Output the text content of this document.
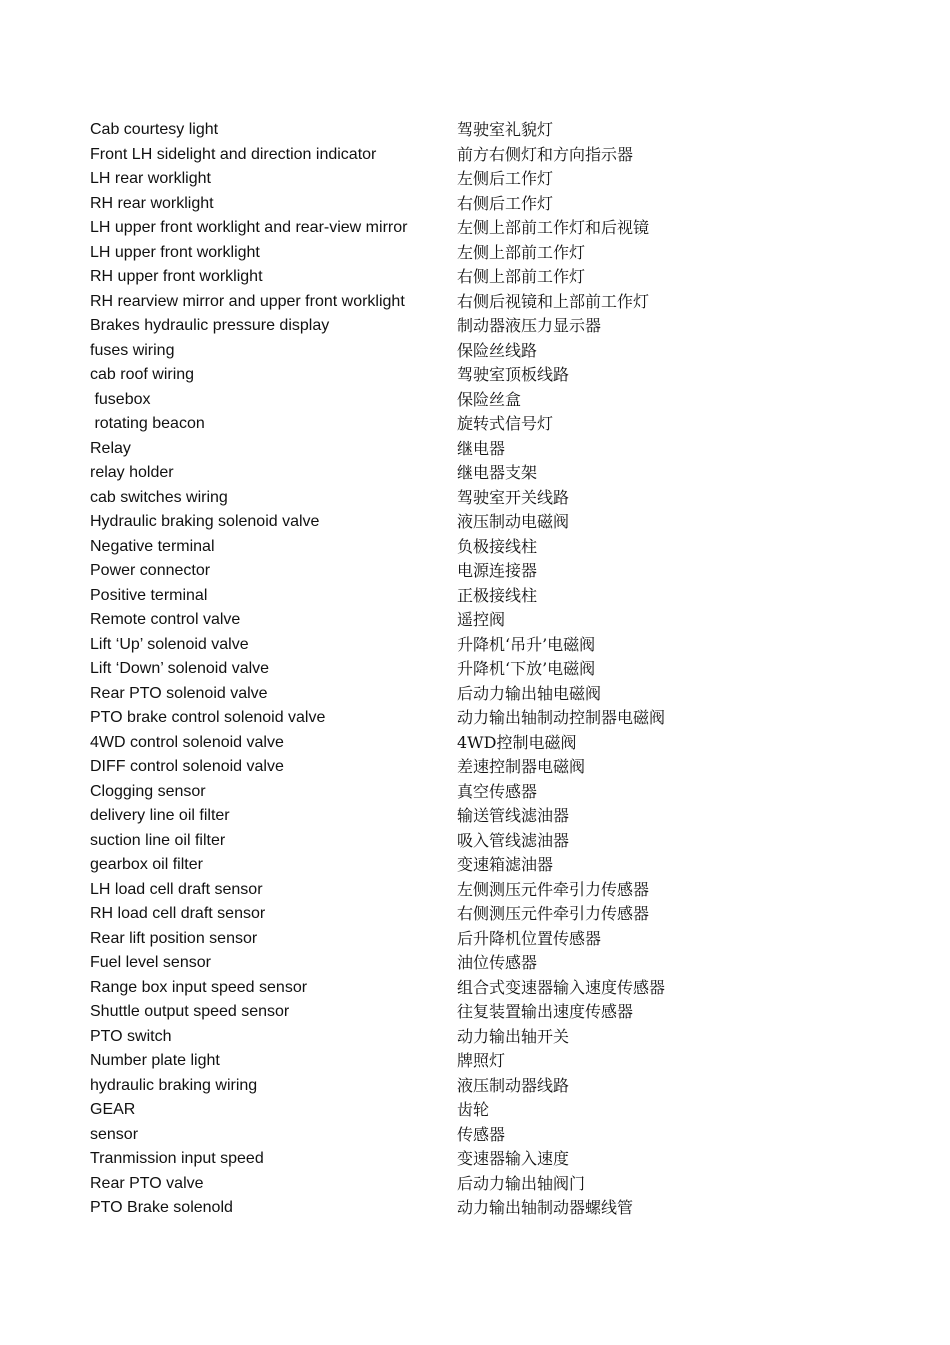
Cab courtesy light	驾驶室礼貌灯
Front LH sidelight and direction indicator	前方右侧灯和方向指示器
LH rear worklight	左侧后工作灯
RH rear worklight	右侧后工作灯
LH upper front worklight and rear-view mirror	左侧上部前工作灯和后视镜
LH upper front worklight	左侧上部前工作灯
RH upper front worklight	右侧上部前工作灯
RH rearview mirror and upper front worklight	右侧后视镜和上部前工作灯
Brakes hydraulic pressure display	制动器液压力显示器
fuses wiring	保险丝线路
cab roof wiring	驾驶室顶板线路
fusebox	保险丝盒
rotating beacon	旋转式信号灯
Relay	继电器
relay holder	继电器支架
cab switches wiring	驾驶室开关线路
Hydraulic braking solenoid valve	液压制动电磁阀
Negative terminal	负极接线柱
Power connector	电源连接器
Positive terminal	正极接线柱
Remote control valve	遥控阀
Lift ‘Up’ solenoid valve	升降机‘吊升’电磁阀
Lift ‘Down’ solenoid valve	升降机‘下放’电磁阀
Rear PTO solenoid valve	后动力输出轴电磁阀
PTO brake control solenoid valve	动力输出轴制动控制器电磁阀
4WD control solenoid valve	4WD控制电磁阀
DIFF control solenoid valve	差速控制器电磁阀
Clogging sensor	真空传感器
delivery line oil filter	输送管线滤油器
suction line oil filter	吸入管线滤油器
gearbox oil filter	变速箱滤油器
LH load cell draft sensor	左侧测压元件牵引力传感器
RH load cell draft sensor	右侧测压元件牵引力传感器
Rear lift position sensor	后升降机位置传感器
Fuel level sensor	油位传感器
Range box input speed sensor	组合式变速器输入速度传感器
Shuttle output speed sensor	往复装置输出速度传感器
PTO switch	动力输出轴开关
Number plate light	牌照灯
hydraulic braking wiring	液压制动器线路
GEAR	齿轮
sensor	传感器
Tranmission input speed	变速器输入速度
Rear PTO valve	后动力输出轴阀门
PTO Brake solenold	动力输出轴制动器螺线管
